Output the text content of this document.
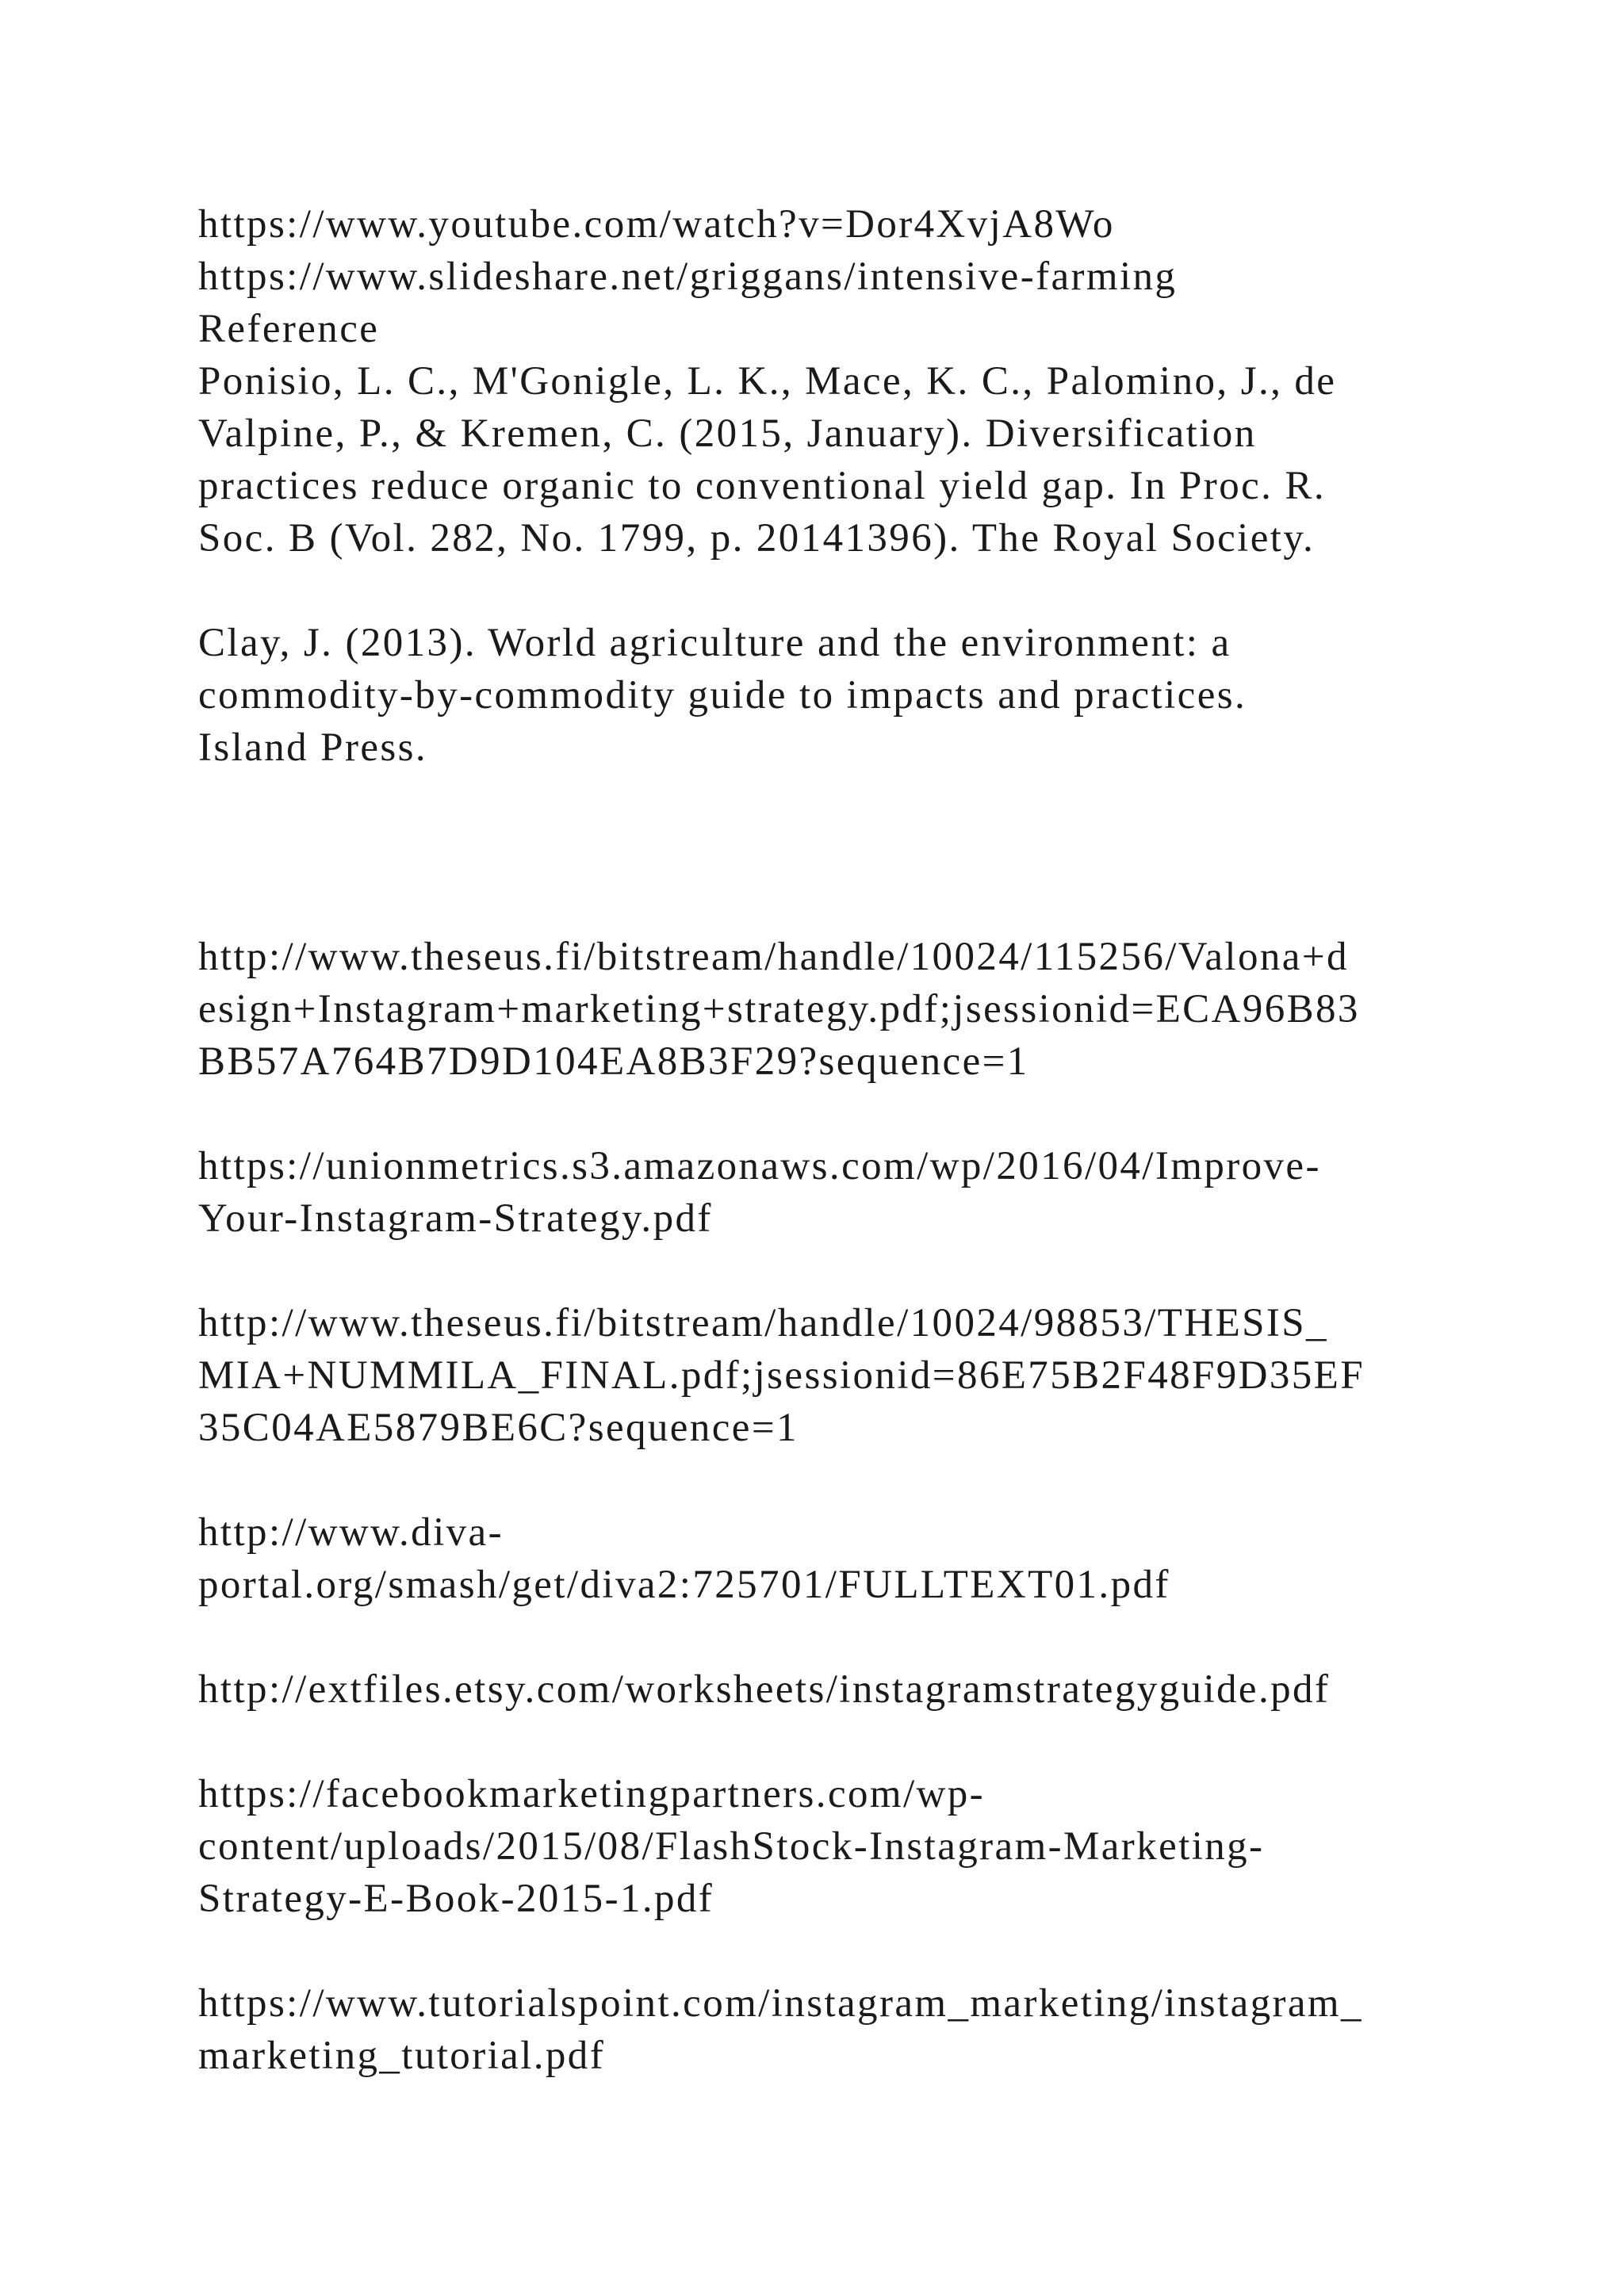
https://www.youtube.com/watch?v=Dor4XvjA8Wo
https://www.slideshare.net/griggans/intensive-farming
Reference
Ponisio, L. C., M'Gonigle, L. K., Mace, K. C., Palomino, J., de
Valpine, P., & Kremen, C. (2015, January). Diversification
practices reduce organic to conventional yield gap. In Proc. R.
Soc. B (Vol. 282, No. 1799, p. 20141396). The Royal Society.
Clay, J. (2013). World agriculture and the environment: a
commodity-by-commodity guide to impacts and practices.
Island Press.
http://www.theseus.fi/bitstream/handle/10024/115256/Valona+d
esign+Instagram+marketing+strategy.pdf;jsessionid=ECA96B83
BB57A764B7D9D104EA8B3F29?sequence=1
https://unionmetrics.s3.amazonaws.com/wp/2016/04/Improve-
Your-Instagram-Strategy.pdf
http://www.theseus.fi/bitstream/handle/10024/98853/THESIS_
MIA+NUMMILA_FINAL.pdf;jsessionid=86E75B2F48F9D35EF
35C04AE5879BE6C?sequence=1
http://www.diva-
portal.org/smash/get/diva2:725701/FULLTEXT01.pdf
http://extfiles.etsy.com/worksheets/instagramstrategyguide.pdf
https://facebookmarketingpartners.com/wp-
content/uploads/2015/08/FlashStock-Instagram-Marketing-
Strategy-E-Book-2015-1.pdf
https://www.tutorialspoint.com/instagram_marketing/instagram_
marketing_tutorial.pdf
